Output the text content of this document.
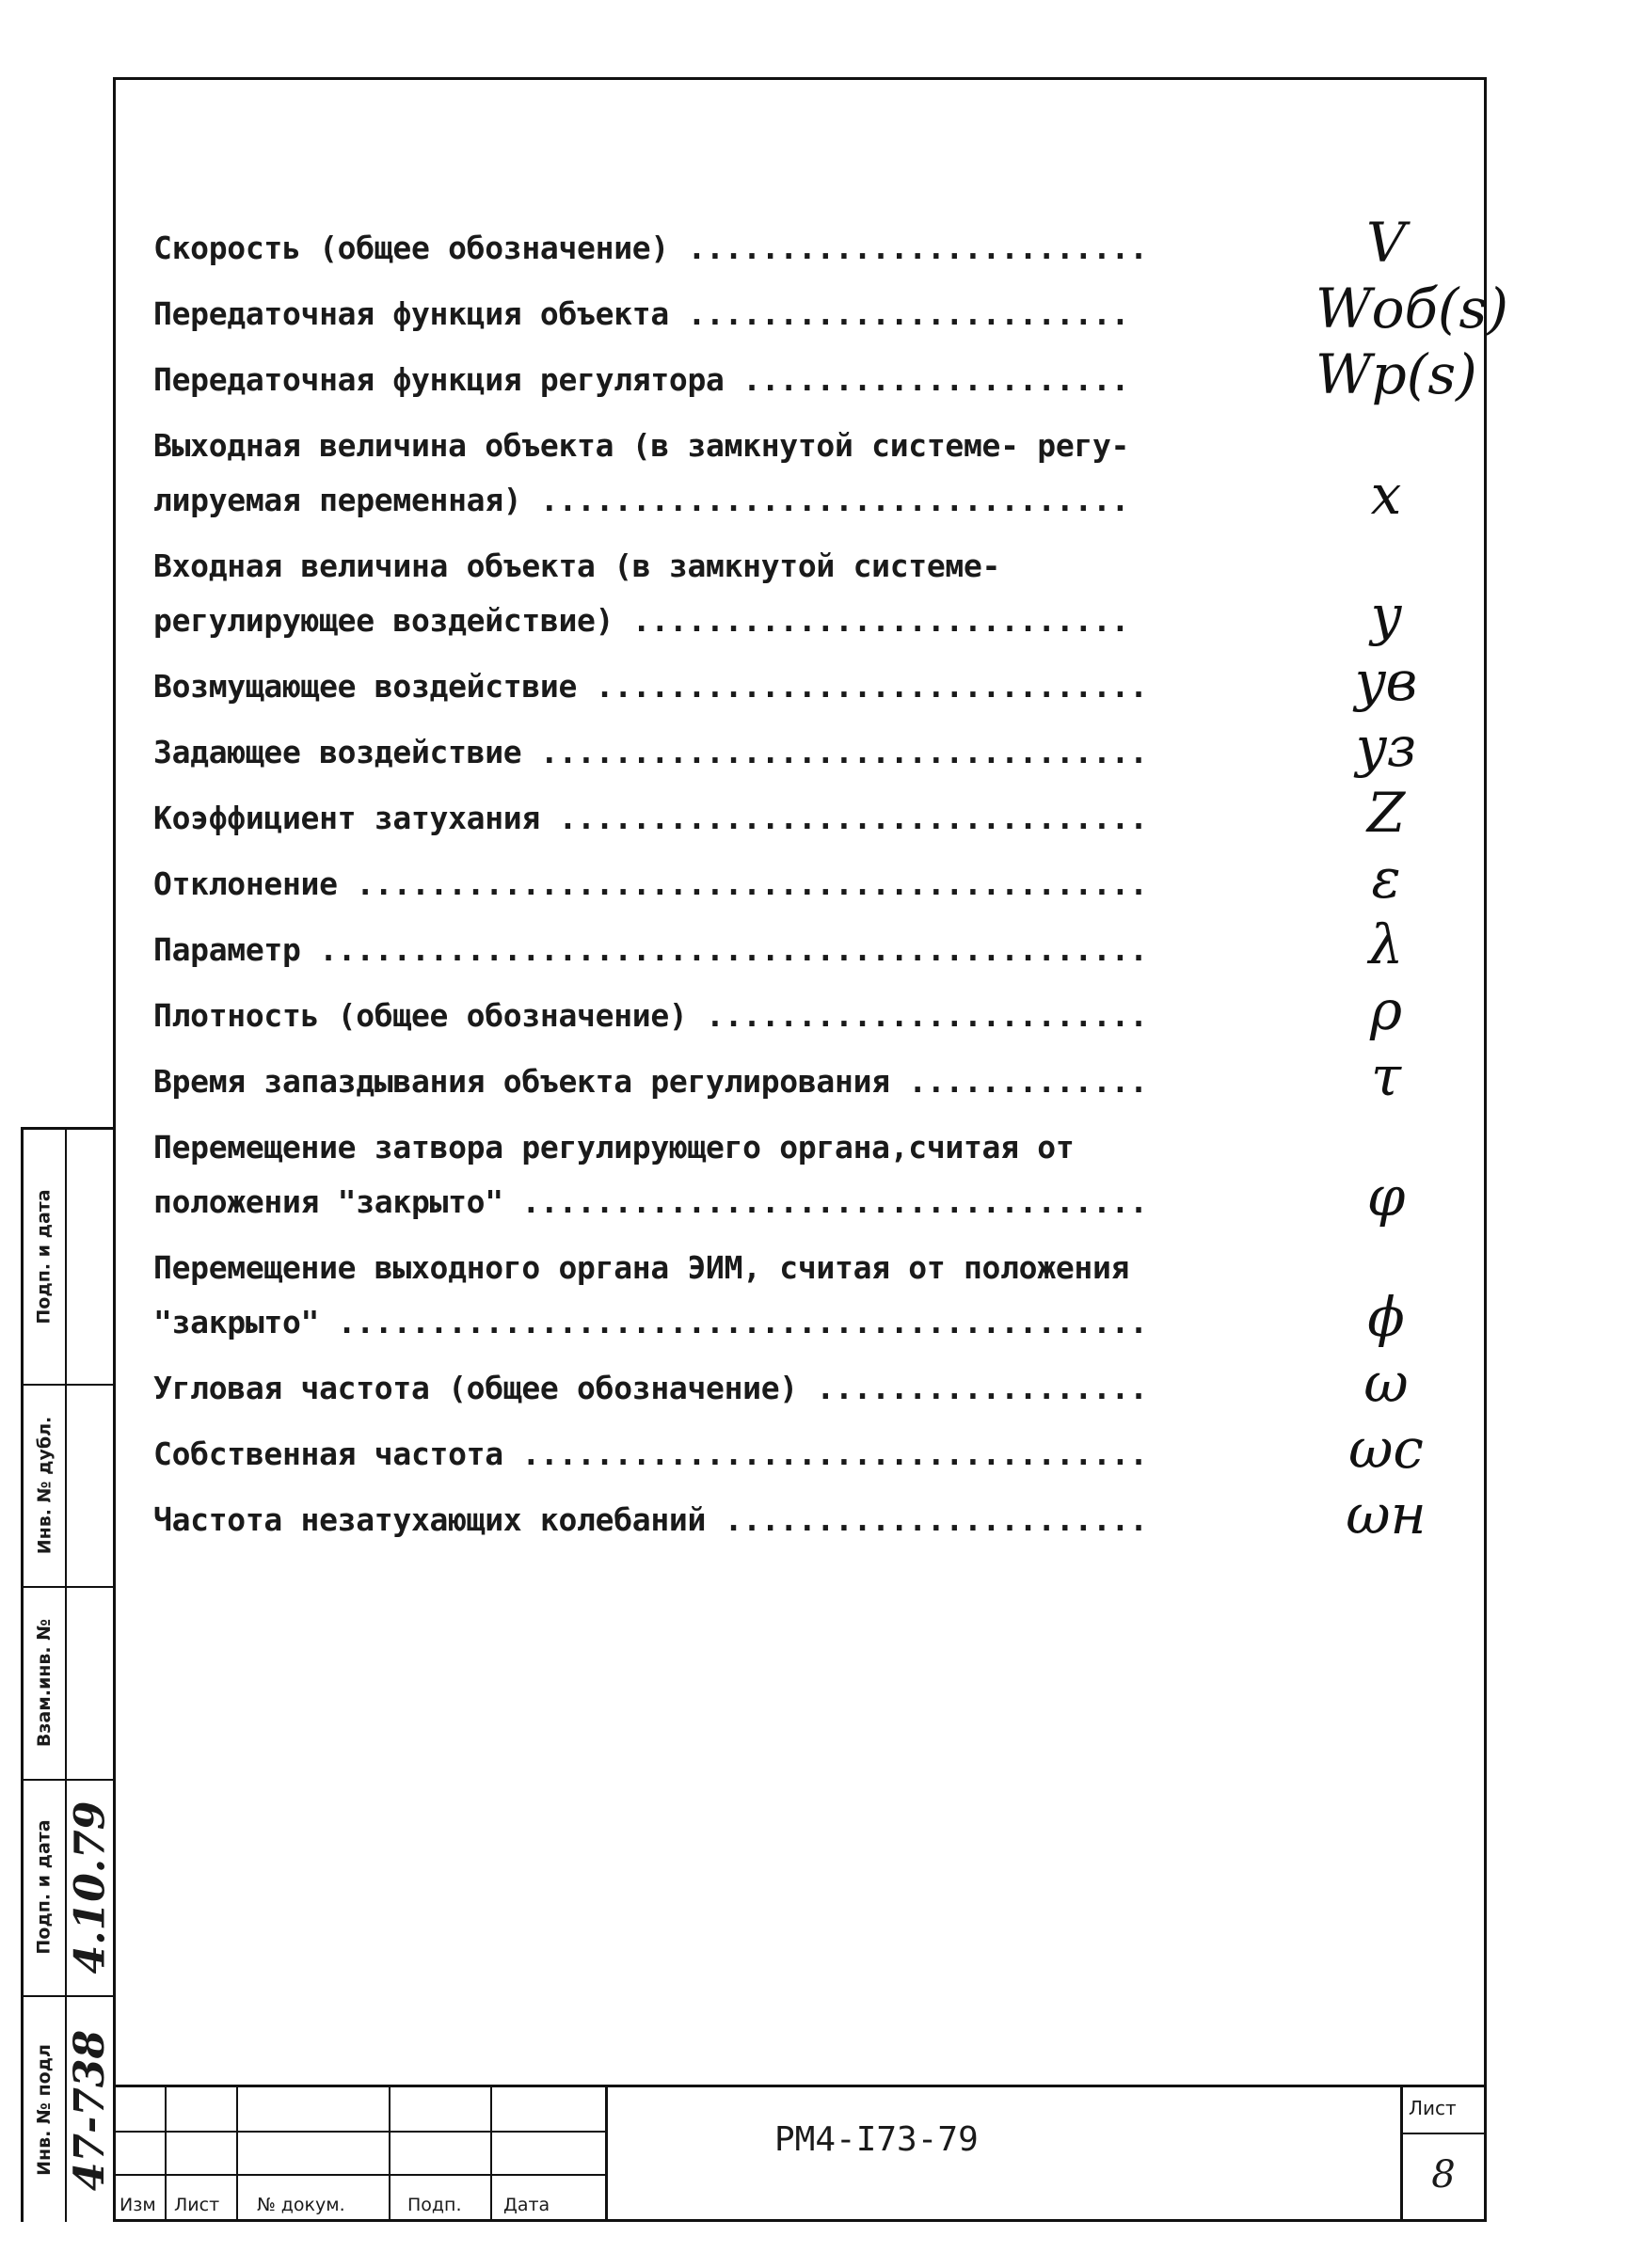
Скорость (общее обозначение) .........................	V
Передаточная функция объекта ........................	Wоб(s)
Передаточная функция регулятора .....................	Wр(s)
Выходная величина объекта (в замкнутой системе- регу-
лируемая переменная) ................................	x
Входная величина объекта (в замкнутой системе-
регулирующее воздействие) ...........................	y
Возмущающее воздействие ..............................	yв
Задающее воздействие .................................	yз
Коэффициент затухания ................................	Z
Отклонение ...........................................	ε
Параметр .............................................	λ
Плотность (общее обозначение) ........................	ρ
Время запаздывания объекта регулирования .............	τ
Перемещение затвора регулирующего органа,считая от
положения "закрыто" ..................................	φ
Перемещение выходного органа ЭИМ, считая от положения
"закрыто" ............................................	ϕ
Угловая частота (общее обозначение) ..................	ω
Собственная частота ..................................	ωс
Частота незатухающих колебаний .......................	ωн
Изм Лист № докум.	Подп. Дата
РМ4-I73-79
Лист
8
Подп. и дата
Инв. № дубл.
Взам.инв. №
Подп. и дата
Инв. № подл
4.10.79
47-738
